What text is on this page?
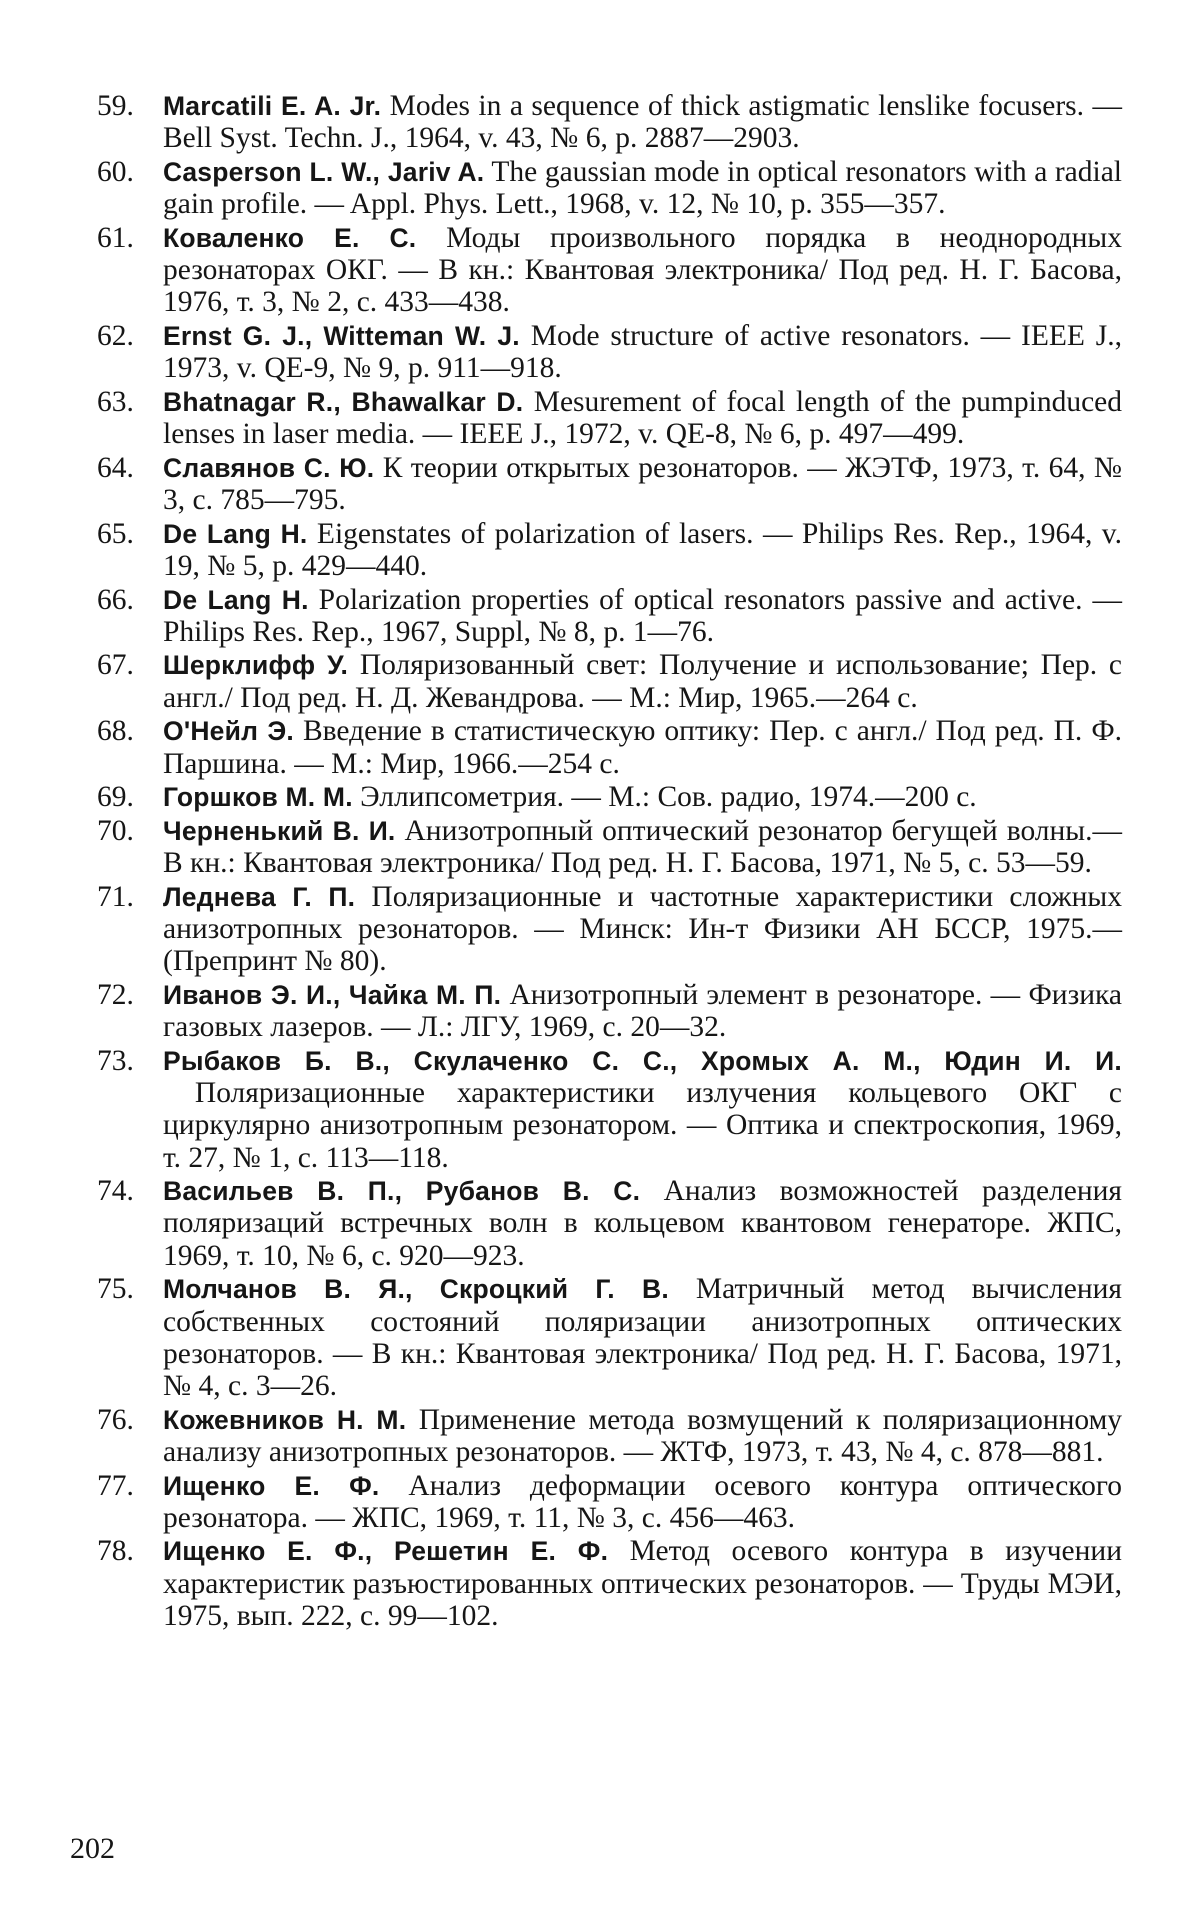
59.	Marcatili E. A. Jr. Modes in a sequence of thick astigmatic lenslike focusers. — Bell Syst. Techn. J., 1964, v. 43, № 6, p. 2887—2903.
60.	Casperson L. W., Jariv A. The gaussian mode in optical resonators with a radial gain profile. — Appl. Phys. Lett., 1968, v. 12, № 10, p. 355—357.
61.	Коваленко Е. С. Моды произвольного порядка в неоднородных резонаторах ОКГ. — В кн.: Квантовая электроника/ Под ред. Н. Г. Басова, 1976, т. 3, № 2, с. 433—438.
62.	Ernst G. J., Witteman W. J. Mode structure of active resonators. — IEEE J., 1973, v. QE-9, № 9, p. 911—918.
63.	Bhatnagar R., Bhawalkar D. Mesurement of focal length of the pumpinduced lenses in laser media. — IEEE J., 1972, v. QE-8, № 6, p. 497—499.
64.	Славянов С. Ю. К теории открытых резонаторов. — ЖЭТФ, 1973, т. 64, № 3, с. 785—795.
65.	De Lang H. Eigenstates of polarization of lasers. — Philips Res. Rep., 1964, v. 19, № 5, p. 429—440.
66.	De Lang H. Polarization properties of optical resonators passive and active. — Philips Res. Rep., 1967, Suppl, № 8, p. 1—76.
67.	Шерклифф У. Поляризованный свет: Получение и использование; Пер. с англ./ Под ред. Н. Д. Жевандрова. — М.: Мир, 1965.—264 с.
68.	О'Нейл Э. Введение в статистическую оптику: Пер. с англ./ Под ред. П. Ф. Паршина. — М.: Мир, 1966.—254 с.
69.	Горшков М. М. Эллипсометрия. — М.: Сов. радио, 1974.—200 с.
70.	Черненький В. И. Анизотропный оптический резонатор бегущей волны.—В кн.: Квантовая электроника/ Под ред. Н. Г. Басова, 1971, № 5, с. 53—59.
71.	Леднева Г. П. Поляризационные и частотные характеристики сложных анизотропных резонаторов. — Минск: Ин-т Физики АН БССР, 1975.— (Препринт № 80).
72.	Иванов Э. И., Чайка М. П. Анизотропный элемент в резонаторе. — Физика газовых лазеров. — Л.: ЛГУ, 1969, с. 20—32.
73.	Рыбаков Б. В., Скулаченко С. С., Хромых А. М., Юдин И. И. Поляризационные характеристики излучения кольцевого ОКГ с циркулярно анизотропным резонатором. — Оптика и спектроскопия, 1969, т. 27, № 1, с. 113—118.
74.	Васильев В. П., Рубанов В. С. Анализ возможностей разделения поляризаций встречных волн в кольцевом квантовом генераторе. ЖПС, 1969, т. 10, № 6, с. 920—923.
75.	Молчанов В. Я., Скроцкий Г. В. Матричный метод вычисления собственных состояний поляризации анизотропных оптических резонаторов. — В кн.: Квантовая электроника/ Под ред. Н. Г. Басова, 1971, № 4, с. 3—26.
76.	Кожевников Н. М. Применение метода возмущений к поляризационному анализу анизотропных резонаторов. — ЖТФ, 1973, т. 43, № 4, с. 878—881.
77.	Ищенко Е. Ф. Анализ деформации осевого контура оптического резонатора. — ЖПС, 1969, т. 11, № 3, с. 456—463.
78.	Ищенко Е. Ф., Решетин Е. Ф. Метод осевого контура в изучении характеристик разъюстированных оптических резонаторов. — Труды МЭИ, 1975, вып. 222, с. 99—102.
202
